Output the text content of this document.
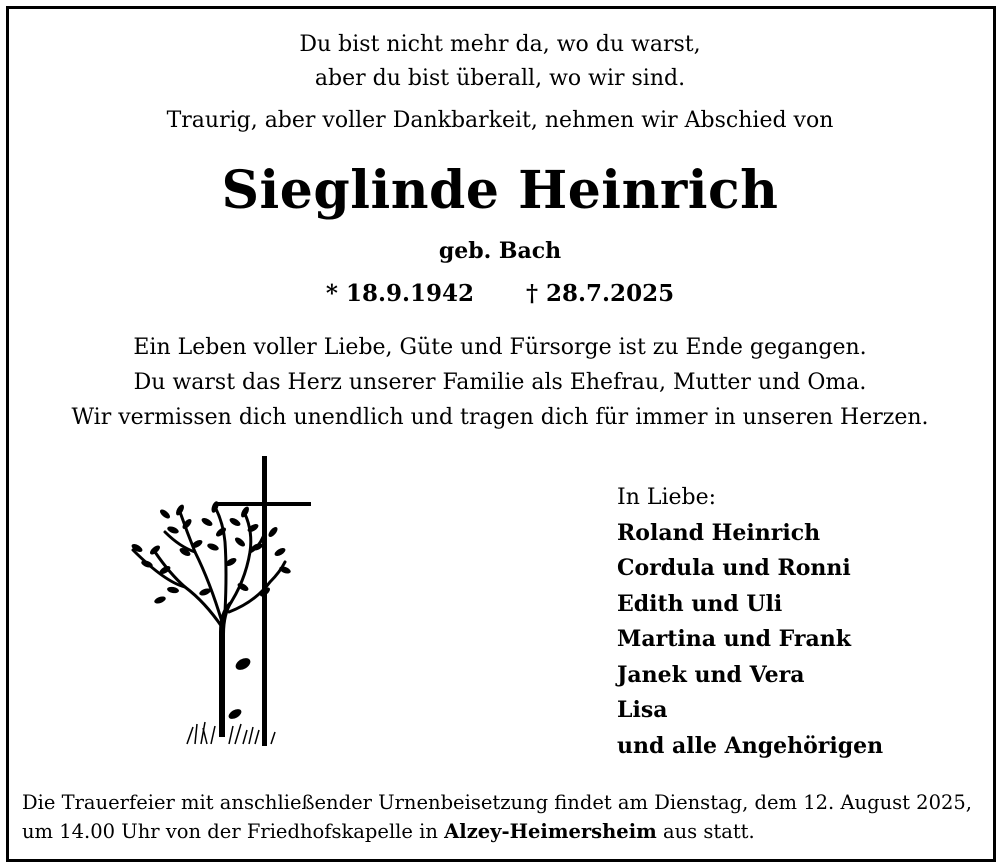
Du bist nicht mehr da, wo du warst,
aber du bist überall, wo wir sind.
Traurig, aber voller Dankbarkeit, nehmen wir Abschied von
Sieglinde Heinrich
geb. Bach
* 18.9.1942 † 28.7.2025
Ein Leben voller Liebe, Güte und Fürsorge ist zu Ende gegangen.
Du warst das Herz unserer Familie als Ehefrau, Mutter und Oma.
Wir vermissen dich unendlich und tragen dich für immer in unseren Herzen.
In Liebe:
Roland Heinrich
Cordula und Ronni
Edith und Uli
Martina und Frank
Janek und Vera
Lisa
und alle Angehörigen
Die Trauerfeier mit anschließender Urnenbeisetzung findet am Dienstag, dem 12. August 2025,
um 14.00 Uhr von der Friedhofskapelle in Alzey-Heimersheim aus statt.
